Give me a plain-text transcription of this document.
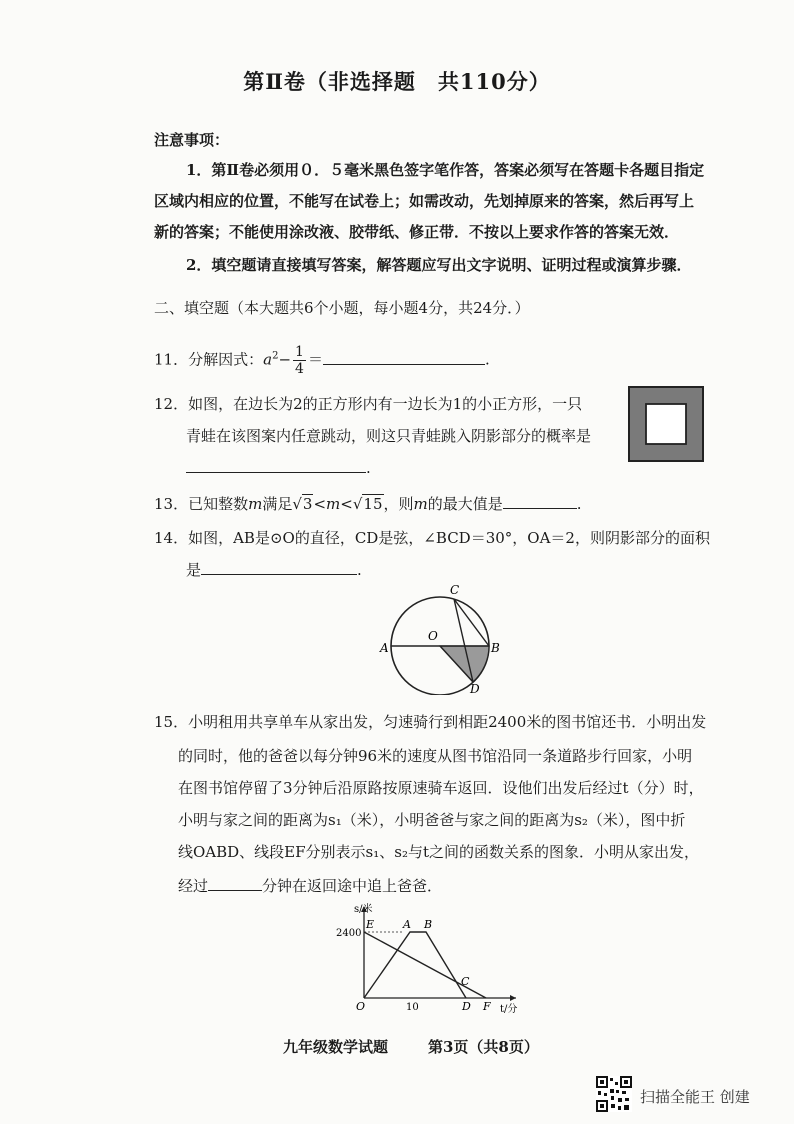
第Ⅱ卷（非选择题　共110分）
注意事项：
1．第Ⅱ卷必须用０．５毫米黑色签字笔作答，答案必须写在答题卡各题目指定
区域内相应的位置，不能写在试卷上；如需改动，先划掉原来的答案，然后再写上
新的答案；不能使用涂改液、胶带纸、修正带．不按以上要求作答的答案无效．
2．填空题请直接填写答案，解答题应写出文字说明、证明过程或演算步骤．
二、填空题（本大题共6个小题，每小题4分，共24分．）
11．分解因式：$a^2- \frac{1}{4}$ ＝	.
12．如图，在边长为2的正方形内有一边长为1的小正方形，一只
青蛙在该图案内任意跳动，则这只青蛙跳入阴影部分的概率是
.
13．已知整数m满足√3<m<√15，则m的最大值是	.
14．如图，AB是⊙O的直径，CD是弦，∠BCD＝30°，OA＝2，则阴影部分的面积
是	.
A	B
C
D
O
15．小明租用共享单车从家出发，匀速骑行到相距2400米的图书馆还书．小明出发
的同时，他的爸爸以每分钟96米的速度从图书馆沿同一条道路步行回家，小明
在图书馆停留了3分钟后沿原路按原速骑车返回．设他们出发后经过t（分）时，
小明与家之间的距离为s₁（米），小明爸爸与家之间的距离为s₂（米），图中折
线OABD、线段EF分别表示s₁、s₂与t之间的函数关系的图象．小明从家出发，
经过	分钟在返回途中追上爸爸．
s/米
t/分
2400
10
O
E	A B
C
D F
九年级数学试题	第3页（共8页）
扫描全能王 创建
